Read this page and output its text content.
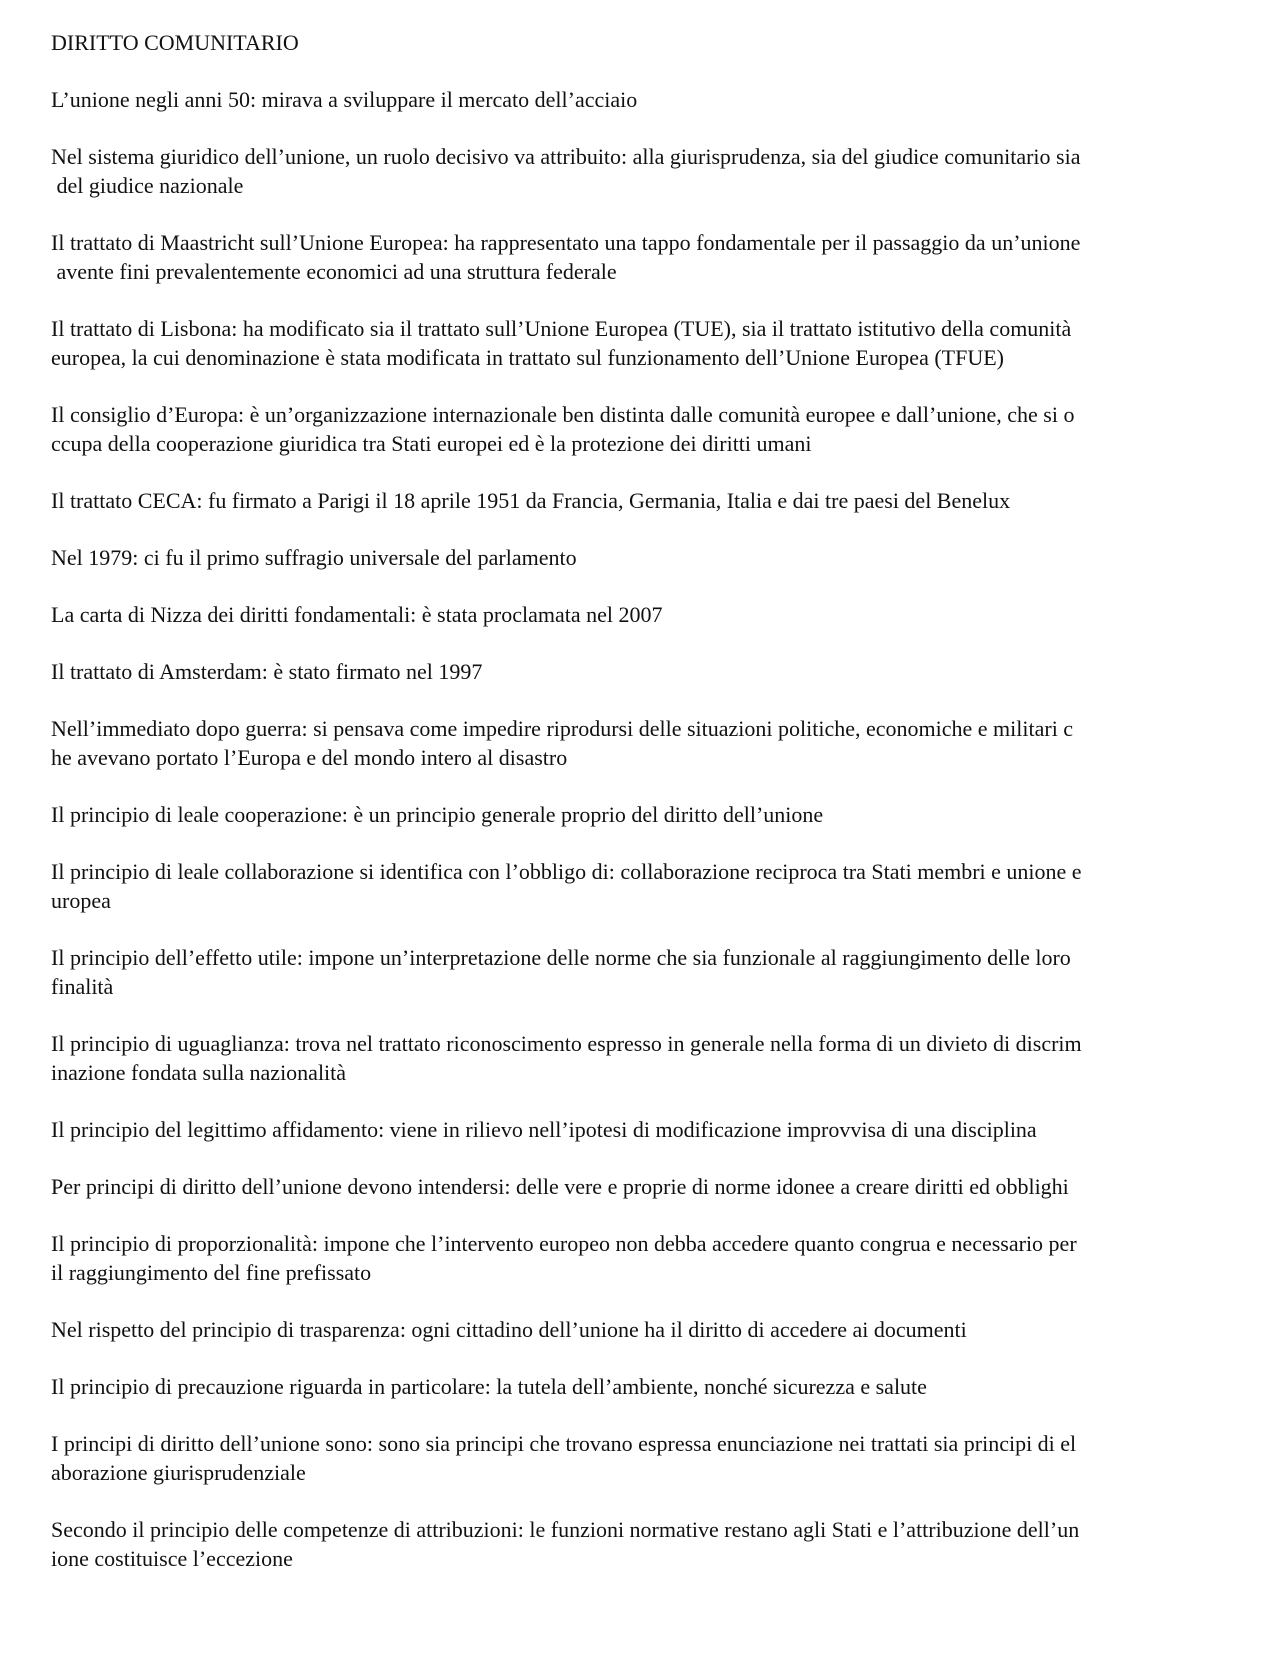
DIRITTO COMUNITARIO

L’unione negli anni 50: mirava a sviluppare il mercato dell’acciaio

Nel sistema giuridico dell’unione, un ruolo decisivo va attribuito: alla giurisprudenza, sia del giudice comunitario sia
del giudice nazionale

Il trattato di Maastricht sull’Unione Europea: ha rappresentato una tappo fondamentale per il passaggio da un’unione
avente fini prevalentemente economici ad una struttura federale

Il trattato di Lisbona: ha modificato sia il trattato sull’Unione Europea (TUE), sia il trattato istitutivo della comunità
europea, la cui denominazione è stata modificata in trattato sul funzionamento dell’Unione Europea (TFUE)

Il consiglio d’Europa: è un’organizzazione internazionale ben distinta dalle comunità europee e dall’unione, che si o
ccupa della cooperazione giuridica tra Stati europei ed è la protezione dei diritti umani

Il trattato CECA: fu firmato a Parigi il 18 aprile 1951 da Francia, Germania, Italia e dai tre paesi del Benelux

Nel 1979: ci fu il primo suffragio universale del parlamento

La carta di Nizza dei diritti fondamentali: è stata proclamata nel 2007

Il trattato di Amsterdam: è stato firmato nel 1997

Nell’immediato dopo guerra: si pensava come impedire riprodursi delle situazioni politiche, economiche e militari c
he avevano portato l’Europa e del mondo intero al disastro

Il principio di leale cooperazione: è un principio generale proprio del diritto dell’unione

Il principio di leale collaborazione si identifica con l’obbligo di: collaborazione reciproca tra Stati membri e unione e
uropea

Il principio dell’effetto utile: impone un’interpretazione delle norme che sia funzionale al raggiungimento delle loro
finalità

Il principio di uguaglianza: trova nel trattato riconoscimento espresso in generale nella forma di un divieto di discrim
inazione fondata sulla nazionalità

Il principio del legittimo affidamento: viene in rilievo nell’ipotesi di modificazione improvvisa di una disciplina

Per principi di diritto dell’unione devono intendersi: delle vere e proprie di norme idonee a creare diritti ed obblighi

Il principio di proporzionalità: impone che l’intervento europeo non debba accedere quanto congrua e necessario per
il raggiungimento del fine prefissato

Nel rispetto del principio di trasparenza: ogni cittadino dell’unione ha il diritto di accedere ai documenti

Il principio di precauzione riguarda in particolare: la tutela dell’ambiente, nonché sicurezza e salute

I principi di diritto dell’unione sono: sono sia principi che trovano espressa enunciazione nei trattati sia principi di el
aborazione giurisprudenziale

Secondo il principio delle competenze di attribuzioni: le funzioni normative restano agli Stati e l’attribuzione dell’un
ione costituisce l’eccezione
